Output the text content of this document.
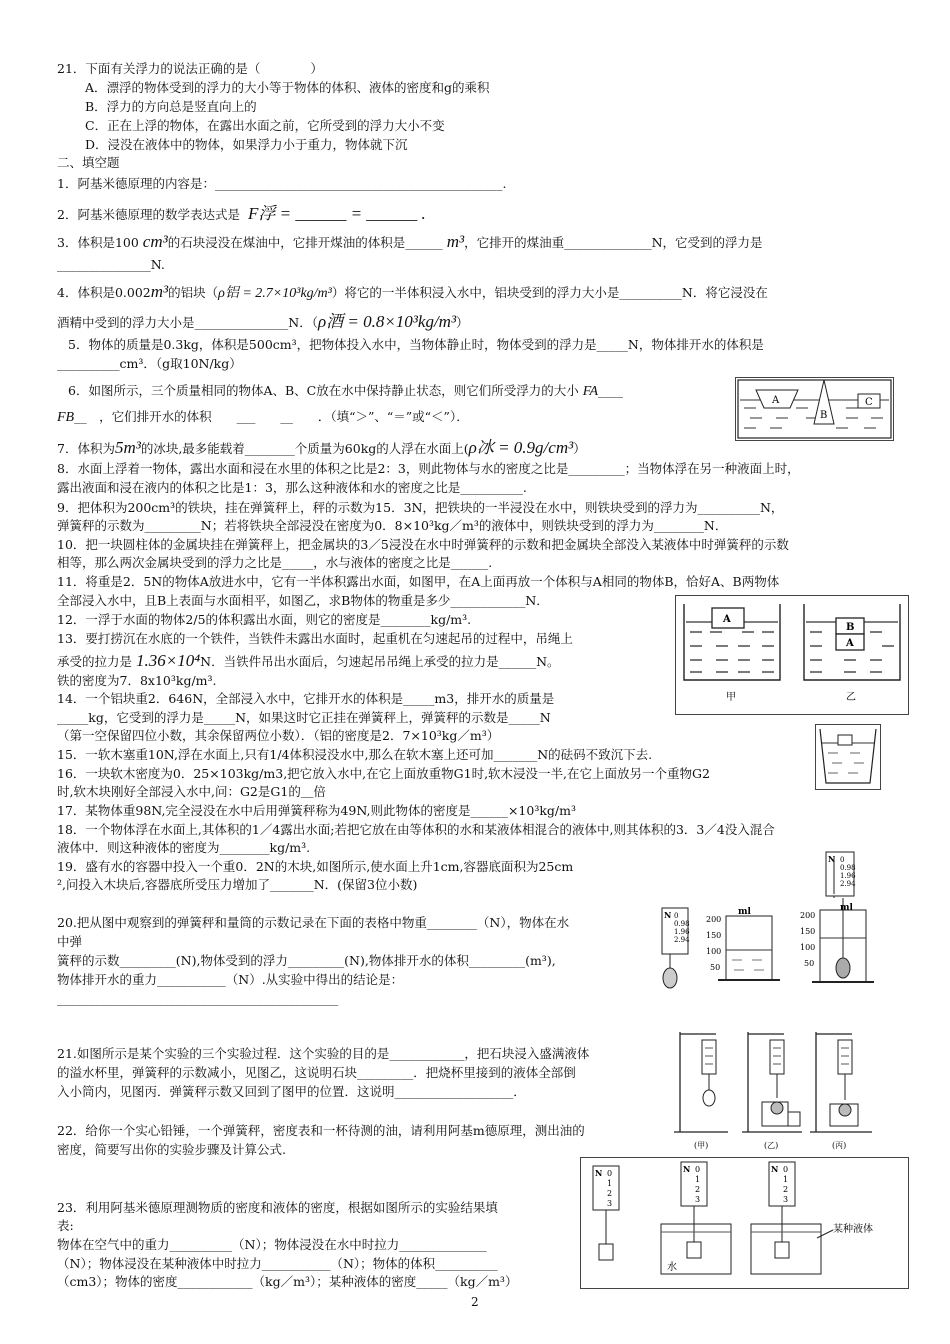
21．下面有关浮力的说法正确的是（　　　　）
A．漂浮的物体受到的浮力的大小等于物体的体积、液体的密度和g的乘积
B．浮力的方向总是竖直向上的
C．正在上浮的物体，在露出水面之前，它所受到的浮力大小不变
D．浸没在液体中的物体，如果浮力小于重力，物体就下沉
二、填空题
1．阿基米德原理的内容是：______________________________________________.
2．阿基米德原理的数学表达式是 F浮 = ______ = ______ .
3．体积是100 cm³的石块浸没在煤油中，它排开煤油的体积是______ m³，它排开的煤油重______________N，它受到的浮力是
_______________N.
4．体积是0.002m³的铝块（ρ铝 = 2.7×10³kg/m³）将它的一半体积浸入水中，铝块受到的浮力大小是__________N．将它浸没在
酒精中受到的浮力大小是_______________N．（ρ酒 = 0.8×10³kg/m³）
5．物体的质量是0.3kg，体积是500cm³，把物体投入水中，当物体静止时，物体受到的浮力是_____N，物体排开水的体积是
__________cm³．（g取10N/kg）
6．如图所示，三个质量相同的物体A、B、C放在水中保持静止状态，则它们所受浮力的大小 FA____
FB__　，它们排开水的体积　　___　　__　　．（填“＞”、“＝”或“＜”）．
A
B
C
7．体积为5m³的冰块,最多能载着________个质量为60kg的人浮在水面上(ρ冰 = 0.9g/cm³）
8．水面上浮着一物体，露出水面和浸在水里的体积之比是2：3，则此物体与水的密度之比是_________；当物体浮在另一种液面上时，
露出液面和浸在液内的体积之比是1：3，那么这种液体和水的密度之比是__________.
9．把体积为200cm³的铁块，挂在弹簧秤上，秤的示数为15．3N，把铁块的一半浸没在水中，则铁块受到的浮力为__________N，
弹簧秤的示数为_________N；若将铁块全部浸没在密度为0．8×10³kg／m³的液体中，则铁块受到的浮力为________N．
10．把一块圆柱体的金属块挂在弹簧秤上，把金属块的3／5浸没在水中时弹簧秤的示数和把金属块全部没入某液体中时弹簧秤的示数
相等，那么两次金属块受到的浮力之比是_____，水与液体的密度之比是______.
11．将重是2．5N的物体A放进水中，它有一半体积露出水面，如图甲，在A上面再放一个体积与A相同的物体B，恰好A、B两物体
全部浸入水中，且B上表面与水面相平，如图乙，求B物体的物重是多少____________N．
A
B
A
甲	乙
12．一浮于水面的物体2/5的体积露出水面，则它的密度是________kg/m³.
13．要打捞沉在水底的一个铁件，当铁件未露出水面时，起重机在匀速起吊的过程中，吊绳上
承受的拉力是 1.36×10⁴N．当铁件吊出水面后，匀速起吊吊绳上承受的拉力是______N。
铁的密度为7．8x10³kg/m³.
14．一个铝块重2．646N，全部浸入水中，它排开水的体积是_____m3，排开水的质量是
_____kg，它受到的浮力是_____N，如果这时它正挂在弹簧秤上，弹簧秤的示数是_____N
（第一空保留四位小数，其余保留两位小数）．（铝的密度是2．7×10³kg／m³）
15．一软木塞重10N,浮在水面上,只有1/4体积浸没水中,那么在软木塞上还可加_______N的砝码不致沉下去.
16．一块软木密度为0．25×103kg/m3,把它放入水中,在它上面放重物G1时,软木浸没一半,在它上面放另一个重物G2
时,软木块刚好全部浸入水中,问：G2是G1的＿倍
17．某物体重98N,完全浸没在水中后用弹簧秤称为49N,则此物体的密度是______×10³kg/m³
18．一个物体浮在水面上,其体积的1／4露出水面;若把它放在由等体积的水和某液体相混合的液体中,则其体积的3．3／4没入混合
液体中．则这种液体的密度为________kg/m³.
19．盛有水的容器中投入一个重0．2N的木块,如图所示,使水面上升1cm,容器底面积为25cm
²,问投入木块后,容器底所受压力增加了_______N．(保留3位小数)
N 0
0.98
1.96
2.94
20.把从图中观察到的弹簧秤和量筒的示数记录在下面的表格中物重________（N），物体在水
中弹
簧秤的示数_________(N),物体受到的浮力_________(N),物体排开水的体积_________(m³),
物体排开水的重力___________（N）.从实验中得出的结论是：
_____________________________________________
N 0
0.98
1.96
2.94
ml
200
150
100
50
ml
200
150
100
50
21.如图所示是某个实验的三个实验过程．这个实验的目的是____________，把石块浸入盛满液体
的溢水杯里，弹簧秤的示数减小，见图乙，这说明石块_________．把烧杯里接到的液体全部倒
入小筒内，见图丙．弹簧秤示数又回到了图甲的位置．这说明___________________．
(甲)	(乙)	(丙)
22．给你一个实心铅锤，一个弹簧秤，密度表和一杯待测的油，请利用阿基m德原理，测出油的
密度，简要写出你的实验步骤及计算公式.
23．利用阿基米德原理测物质的密度和液体的密度，根据如图所示的实验结果填
表:
物体在空气中的重力__________（N）；物体浸没在水中时拉力______________
（N）；物体浸没在某种液体中时拉力___________（N）；物体的体积__________
（cm3）；物体的密度____________（kg／m³）；某种液体的密度_____（kg／m³）
N 0
1
2
3
N 0
1
2
3
N 0
1
2
3
水
某种液体
2
